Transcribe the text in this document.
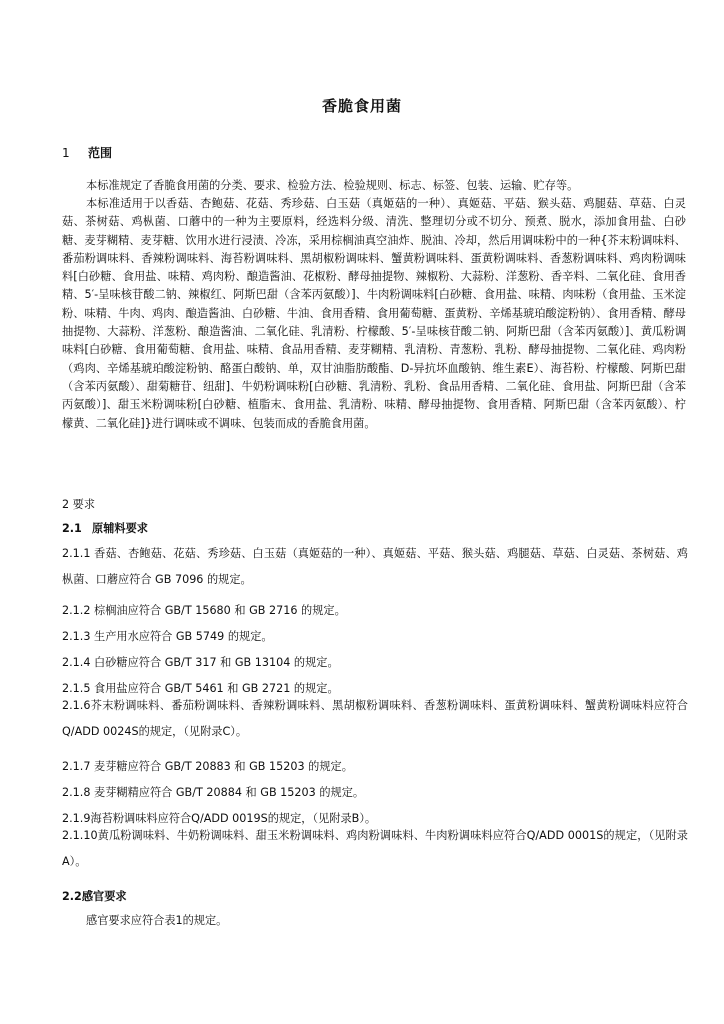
香脆食用菌
1 范围
本标准规定了香脆食用菌的分类、要求、检验方法、检验规则、标志、标签、包装、运输、贮存等。
本标准适用于以香菇、杏鲍菇、花菇、秀珍菇、白玉菇（真姬菇的一种）、真姬菇、平菇、猴头菇、鸡腿菇、草菇、白灵菇、茶树菇、鸡枞菌、口蘑中的一种为主要原料，经选料分级、清洗、整理切分或不切分、预煮、脱水，添加食用盐、白砂糖、麦芽糊精、麦芽糖、饮用水进行浸渍、冷冻，采用棕榈油真空油炸、脱油、冷却，然后用调味粉中的一种{芥末粉调味料、番茄粉调味料、香辣粉调味料、海苔粉调味料、黑胡椒粉调味料、蟹黄粉调味料、蛋黄粉调味料、香葱粉调味料、鸡肉粉调味料[白砂糖、食用盐、味精、鸡肉粉、酿造酱油、花椒粉、酵母抽提物、辣椒粉、大蒜粉、洋葱粉、香辛料、二氧化硅、食用香精、5′-呈味核苷酸二钠、辣椒红、阿斯巴甜（含苯丙氨酸）]、牛肉粉调味料[白砂糖、食用盐、味精、肉味粉（食用盐、玉米淀粉、味精、牛肉、鸡肉、酿造酱油、白砂糖、牛油、食用香精、食用葡萄糖、蛋黄粉、辛烯基琥珀酸淀粉钠）、食用香精、酵母抽提物、大蒜粉、洋葱粉、酿造酱油、二氧化硅、乳清粉、柠檬酸、5′-呈味核苷酸二钠、阿斯巴甜（含苯丙氨酸）]、黄瓜粉调味料[白砂糖、食用葡萄糖、食用盐、味精、食品用香精、麦芽糊精、乳清粉、青葱粉、乳粉、酵母抽提物、二氧化硅、鸡肉粉（鸡肉、辛烯基琥珀酸淀粉钠、酪蛋白酸钠、单，双甘油脂肪酸酯、D-异抗坏血酸钠、维生素E）、海苔粉、柠檬酸、阿斯巴甜（含苯丙氨酸）、甜菊糖苷、纽甜]、牛奶粉调味粉[白砂糖、乳清粉、乳粉、食品用香精、二氧化硅、食用盐、阿斯巴甜（含苯丙氨酸）]、甜玉米粉调味粉[白砂糖、植脂末、食用盐、乳清粉、味精、酵母抽提物、食用香精、阿斯巴甜（含苯丙氨酸）、柠檬黄、二氧化硅]}进行调味或不调味、包装而成的香脆食用菌。
2 要求
2.1 原辅料要求
2.1.1 香菇、杏鲍菇、花菇、秀珍菇、白玉菇（真姬菇的一种）、真姬菇、平菇、猴头菇、鸡腿菇、草菇、白灵菇、茶树菇、鸡枞菌、口蘑应符合 GB 7096 的规定。
2.1.2 棕榈油应符合 GB/T 15680 和 GB 2716 的规定。
2.1.3 生产用水应符合 GB 5749 的规定。
2.1.4 白砂糖应符合 GB/T 317 和 GB 13104 的规定。
2.1.5 食用盐应符合 GB/T 5461 和 GB 2721 的规定。
2.1.6芥末粉调味料、番茄粉调味料、香辣粉调味料、黑胡椒粉调味料、香葱粉调味料、蛋黄粉调味料、蟹黄粉调味料应符合Q/ADD 0024S的规定，（见附录C）。
2.1.7 麦芽糖应符合 GB/T 20883 和 GB 15203 的规定。
2.1.8 麦芽糊精应符合 GB/T 20884 和 GB 15203 的规定。
2.1.9海苔粉调味料应符合Q/ADD 0019S的规定，（见附录B）。
2.1.10黄瓜粉调味料、牛奶粉调味料、甜玉米粉调味料、鸡肉粉调味料、牛肉粉调味料应符合Q/ADD 0001S的规定，（见附录A）。
2.2感官要求
感官要求应符合表1的规定。
